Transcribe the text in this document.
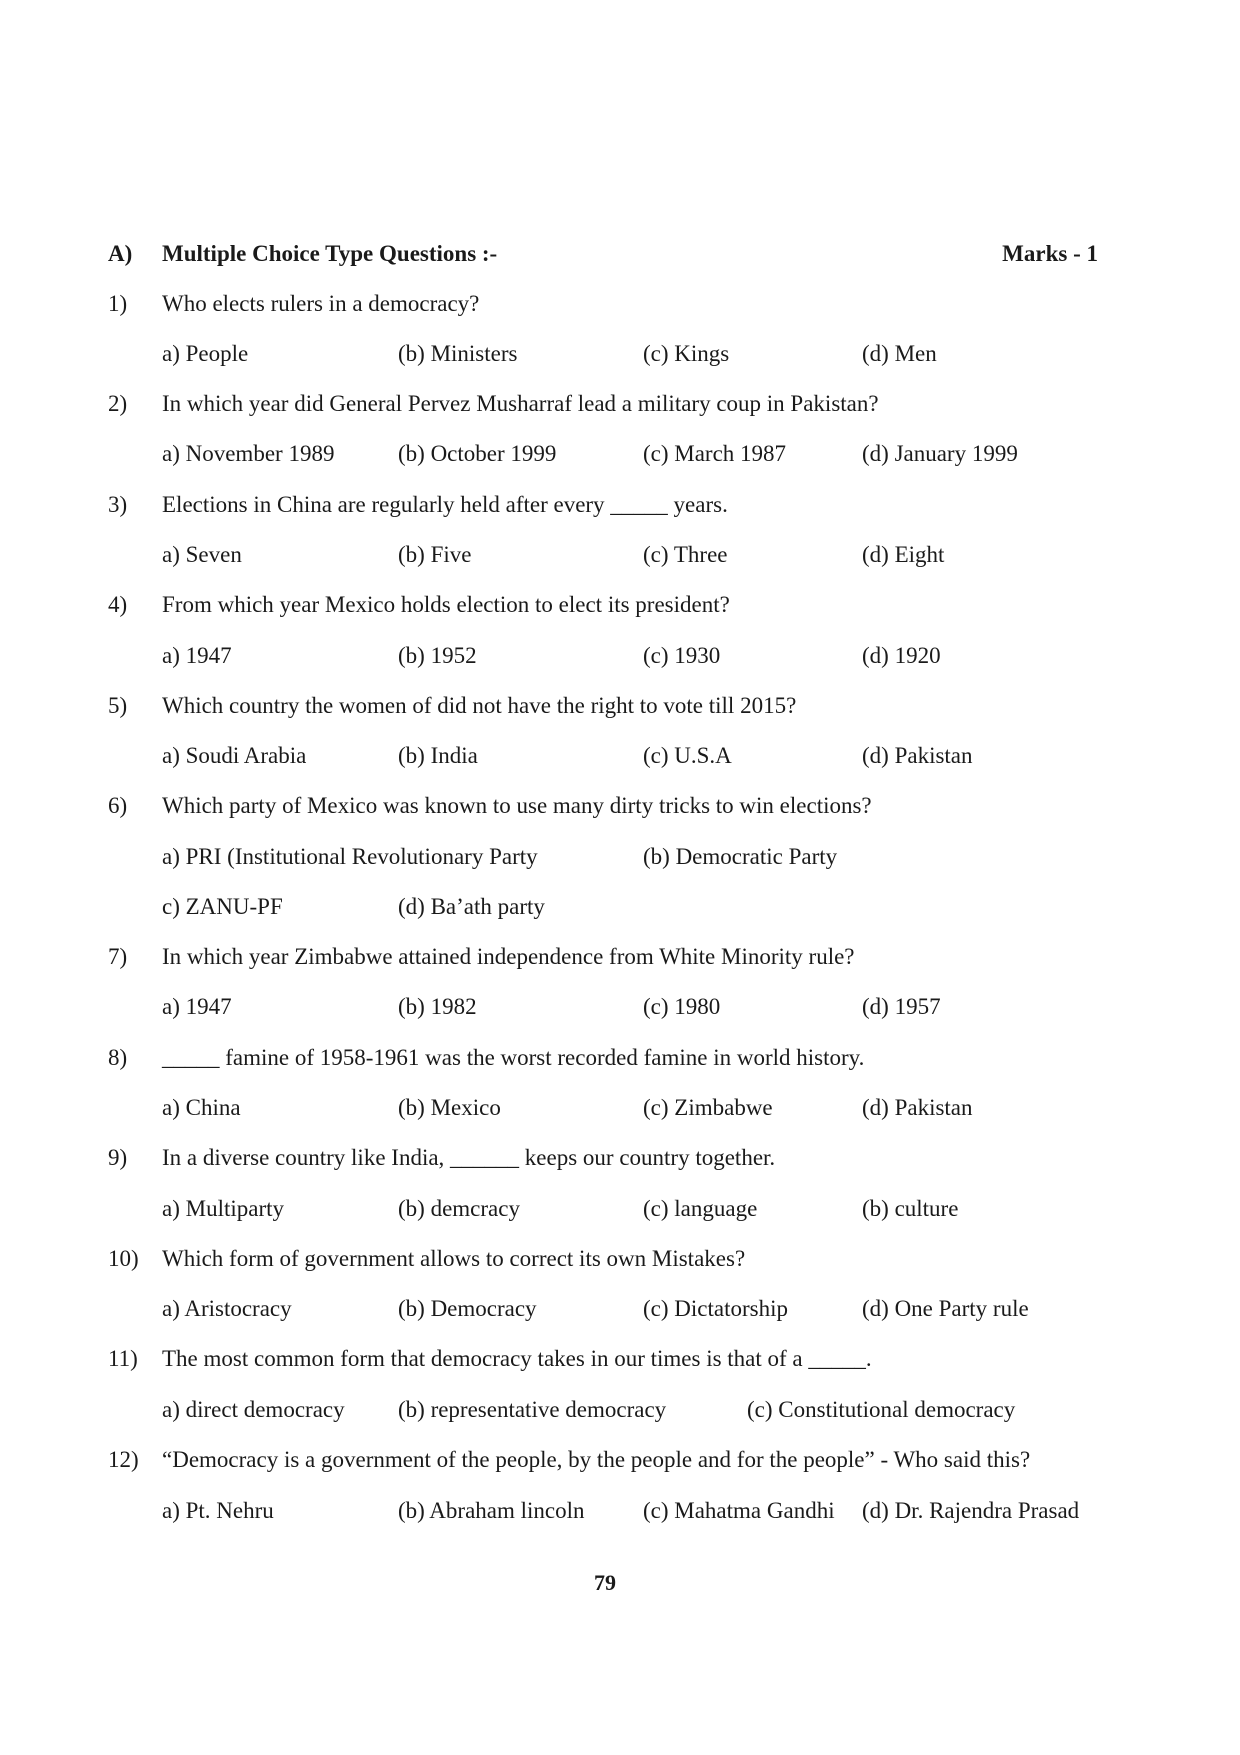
A) Multiple Choice Type Questions :-	Marks - 1
1) Who elects rulers in a democracy?
a) People	(b) Ministers	(c) Kings	(d) Men
2) In which year did General Pervez Musharraf lead a military coup in Pakistan?
a) November 1989	(b) October 1999	(c) March 1987	(d) January 1999
3) Elections in China are regularly held after every _____ years.
a) Seven	(b) Five	(c) Three	(d) Eight
4) From which year Mexico holds election to elect its president?
a) 1947	(b) 1952	(c) 1930	(d) 1920
5) Which country the women of did not have the right to vote till 2015?
a) Soudi Arabia	(b) India	(c) U.S.A	(d) Pakistan
6) Which party of Mexico was known to use many dirty tricks to win elections?
a) PRI (Institutional Revolutionary Party	(b) Democratic Party
c) ZANU-PF	(d) Ba’ath party
7) In which year Zimbabwe attained independence from White Minority rule?
a) 1947	(b) 1982	(c) 1980	(d) 1957
8) _____ famine of 1958-1961 was the worst recorded famine in world history.
a) China	(b) Mexico	(c) Zimbabwe	(d) Pakistan
9) In a diverse country like India, ______ keeps our country together.
a) Multiparty	(b) demcracy	(c) language	(b) culture
10) Which form of government allows to correct its own Mistakes?
a) Aristocracy	(b) Democracy	(c) Dictatorship	(d) One Party rule
11) The most common form that democracy takes in our times is that of a _____.
a) direct democracy (b) representative democracy	(c) Constitutional democracy
12) “Democracy is a government of the people, by the people and for the people” - Who said this?
a) Pt. Nehru	(b) Abraham lincoln	(c) Mahatma Gandhi (d) Dr. Rajendra Prasad
79
